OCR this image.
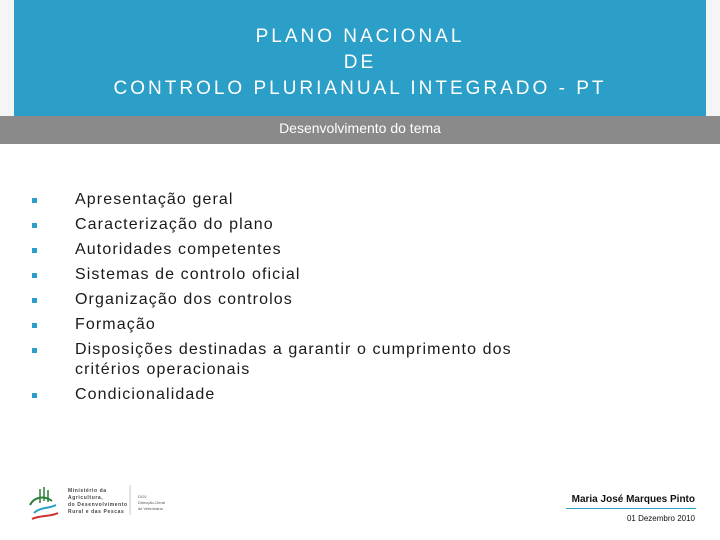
PLANO NACIONAL
DE
CONTROLO PLURIANUAL INTEGRADO - PT
Desenvolvimento do tema
Apresentação geral
Caracterização do plano
Autoridades competentes
Sistemas de controlo oficial
Organização dos controlos
Formação
Disposições destinadas a garantir o cumprimento dos critérios operacionais
Condicionalidade
Ministério da
Agricultura,
do Desenvolvimento
Rural e das Pescas
DGV
Direcção-Geral
de Veterinária
Maria José Marques Pinto
01 Dezembro 2010
